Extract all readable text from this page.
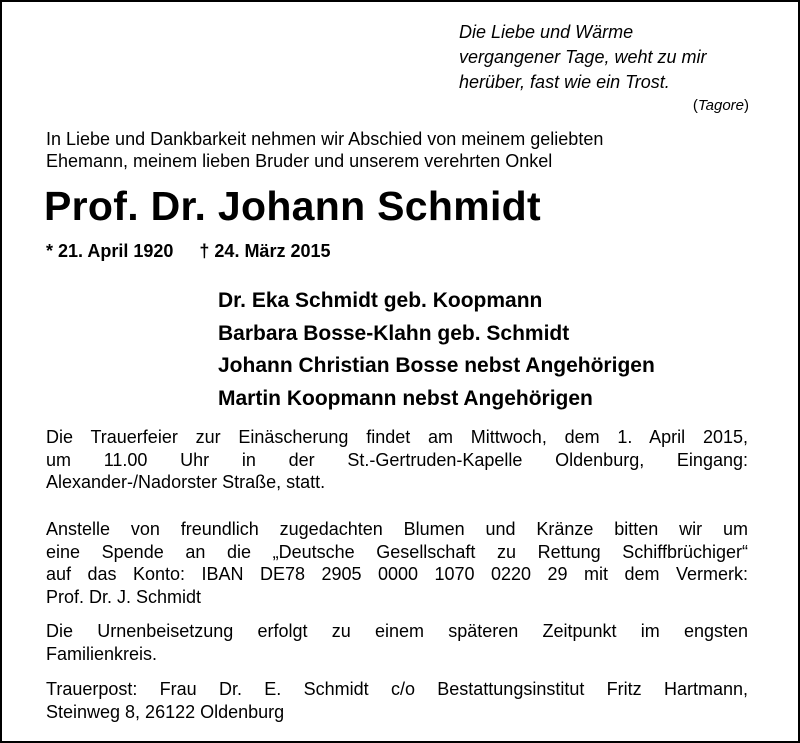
Die Liebe und Wärme
vergangener Tage, weht zu mir
herüber, fast wie ein Trost.
(Tagore)
In Liebe und Dankbarkeit nehmen wir Abschied von meinem geliebten
Ehemann, meinem lieben Bruder und unserem verehrten Onkel
Prof. Dr. Johann Schmidt
* 21. April 1920 † 24. März 2015
Dr. Eka Schmidt geb. Koopmann
Barbara Bosse-Klahn geb. Schmidt
Johann Christian Bosse nebst Angehörigen
Martin Koopmann nebst Angehörigen
Die Trauerfeier zur Einäscherung findet am Mittwoch, dem 1. April 2015,
um 11.00 Uhr in der St.-Gertruden-Kapelle Oldenburg, Eingang:
Alexander-/Nadorster Straße, statt.
Anstelle von freundlich zugedachten Blumen und Kränze bitten wir um
eine Spende an die „Deutsche Gesellschaft zu Rettung Schiffbrüchiger“
auf das Konto: IBAN DE78 2905 0000 1070 0220 29 mit dem Vermerk:
Prof. Dr. J. Schmidt
Die Urnenbeisetzung erfolgt zu einem späteren Zeitpunkt im engsten
Familienkreis.
Trauerpost: Frau Dr. E. Schmidt c/o Bestattungsinstitut Fritz Hartmann,
Steinweg 8, 26122 Oldenburg
